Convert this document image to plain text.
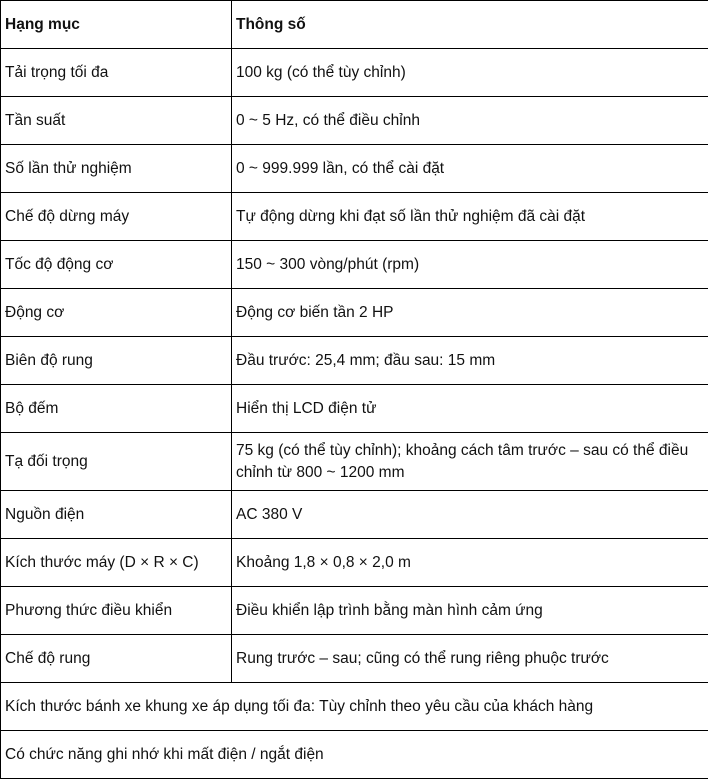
Hạng mục	Thông số
Tải trọng tối đa	100 kg (có thể tùy chỉnh)
Tần suất	0 ~ 5 Hz, có thể điều chỉnh
Số lần thử nghiệm	0 ~ 999.999 lần, có thể cài đặt
Chế độ dừng máy	Tự động dừng khi đạt số lần thử nghiệm đã cài đặt
Tốc độ động cơ	150 ~ 300 vòng/phút (rpm)
Động cơ	Động cơ biến tần 2 HP
Biên độ rung	Đầu trước: 25,4 mm; đầu sau: 15 mm
Bộ đếm	Hiển thị LCD điện tử
Tạ đối trọng	75 kg (có thể tùy chỉnh); khoảng cách tâm trước – sau có thể điều chỉnh từ 800 ~ 1200 mm
Nguồn điện	AC 380 V
Kích thước máy (D × R × C)	Khoảng 1,8 × 0,8 × 2,0 m
Phương thức điều khiển	Điều khiển lập trình bằng màn hình cảm ứng
Chế độ rung	Rung trước – sau; cũng có thể rung riêng phuộc trước
Kích thước bánh xe khung xe áp dụng tối đa: Tùy chỉnh theo yêu cầu của khách hàng	
Có chức năng ghi nhớ khi mất điện / ngắt điện	
